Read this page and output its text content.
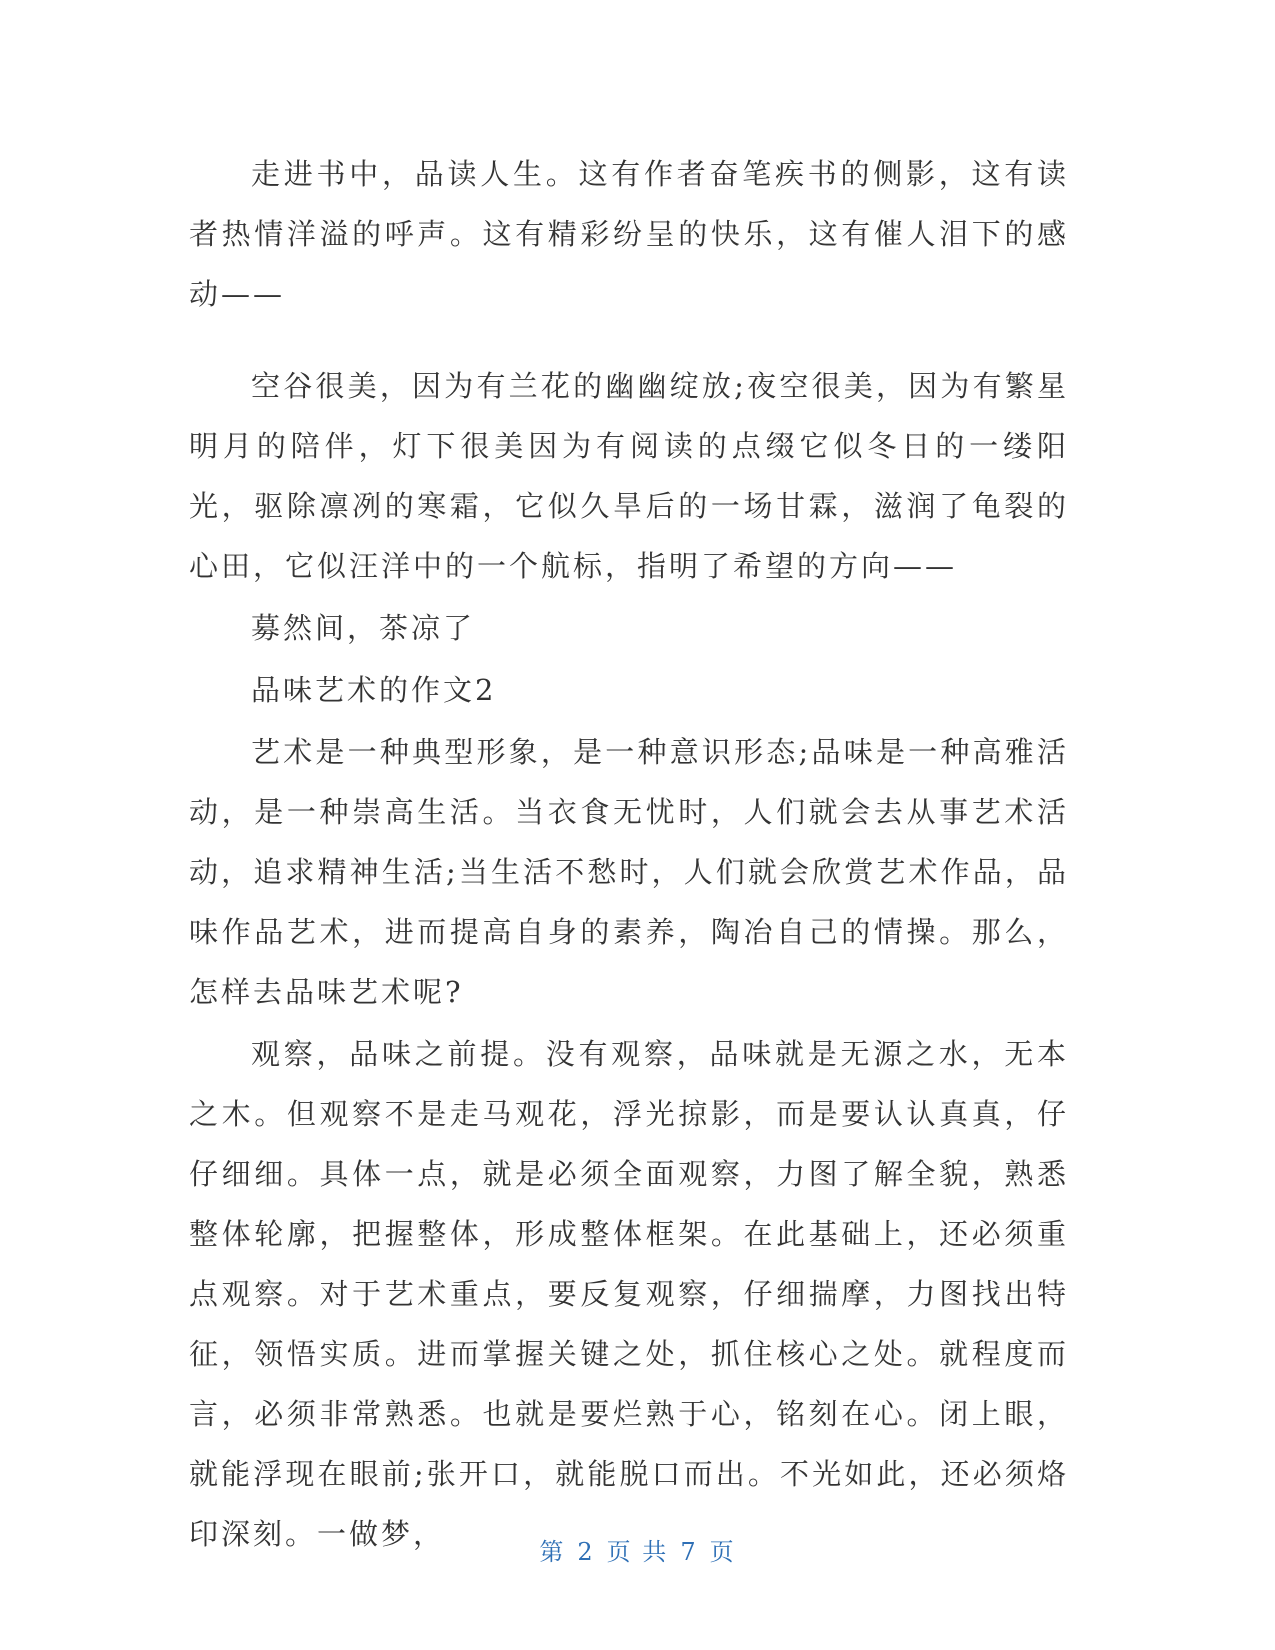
走进书中，品读人生。这有作者奋笔疾书的侧影，这有读者热情洋溢的呼声。这有精彩纷呈的快乐，这有催人泪下的感动——

空谷很美，因为有兰花的幽幽绽放;夜空很美，因为有繁星明月的陪伴，灯下很美因为有阅读的点缀它似冬日的一缕阳光，驱除凛冽的寒霜，它似久旱后的一场甘霖，滋润了龟裂的心田，它似汪洋中的一个航标，指明了希望的方向——

募然间，茶凉了

品味艺术的作文2

艺术是一种典型形象，是一种意识形态;品味是一种高雅活动，是一种崇高生活。当衣食无忧时，人们就会去从事艺术活动，追求精神生活;当生活不愁时，人们就会欣赏艺术作品，品味作品艺术，进而提高自身的素养，陶冶自己的情操。那么，怎样去品味艺术呢?

观察，品味之前提。没有观察，品味就是无源之水，无本之木。但观察不是走马观花，浮光掠影，而是要认认真真，仔仔细细。具体一点，就是必须全面观察，力图了解全貌，熟悉整体轮廓，把握整体，形成整体框架。在此基础上，还必须重点观察。对于艺术重点，要反复观察，仔细揣摩，力图找出特征，领悟实质。进而掌握关键之处，抓住核心之处。就程度而言，必须非常熟悉。也就是要烂熟于心，铭刻在心。闭上眼，就能浮现在眼前;张开口，就能脱口而出。不光如此，还必须烙印深刻。一做梦，

第 2 页 共 7 页
